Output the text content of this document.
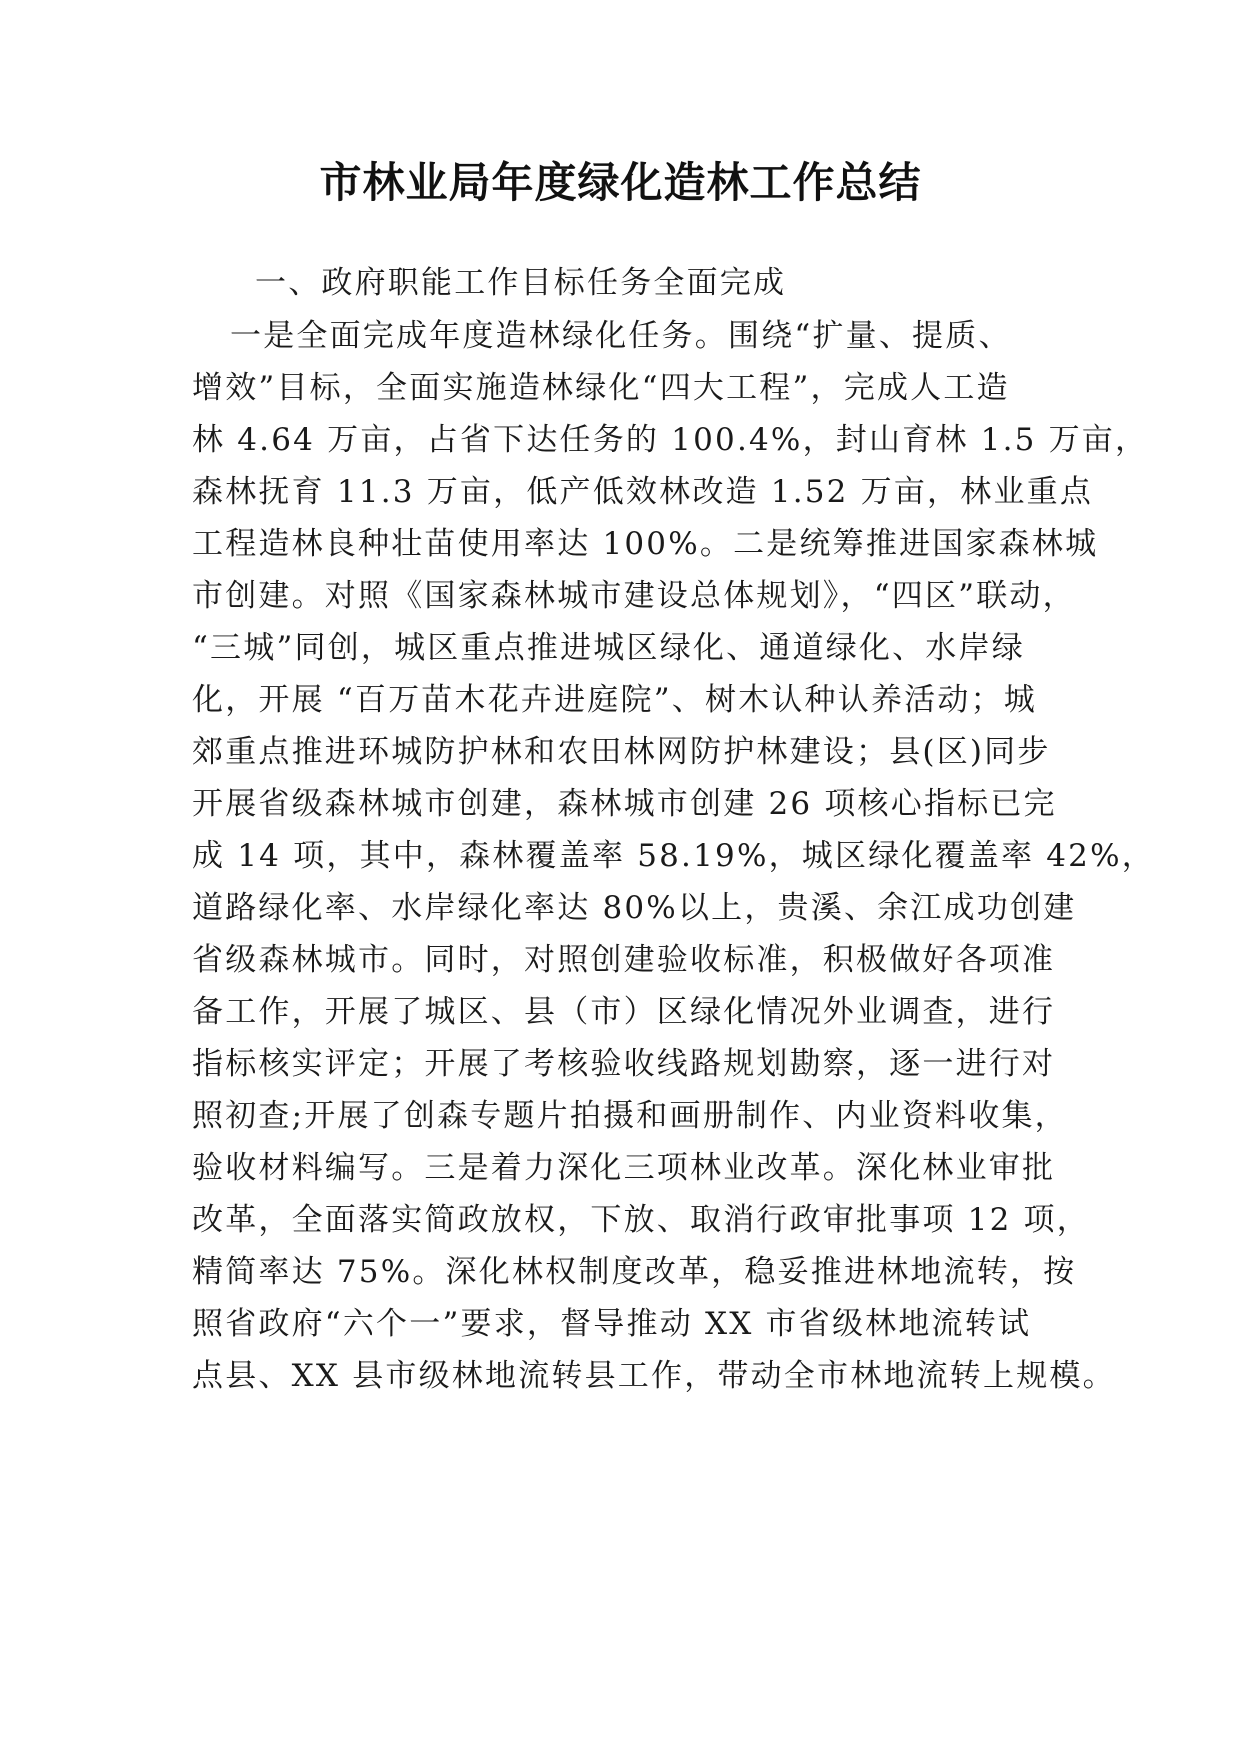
市林业局年度绿化造林工作总结
一、政府职能工作目标任务全面完成
一是全面完成年度造林绿化任务。围绕“扩量、提质、
增效”目标，全面实施造林绿化“四大工程”，完成人工造
林 4.64 万亩，占省下达任务的 100.4%，封山育林 1.5 万亩，
森林抚育 11.3 万亩，低产低效林改造 1.52 万亩，林业重点
工程造林良种壮苗使用率达 100%。二是统筹推进国家森林城
市创建。对照《国家森林城市建设总体规划》，“四区”联动，
“三城”同创，城区重点推进城区绿化、通道绿化、水岸绿
化，开展 “百万苗木花卉进庭院”、树木认种认养活动；城
郊重点推进环城防护林和农田林网防护林建设；县(区)同步
开展省级森林城市创建，森林城市创建 26 项核心指标已完
成 14 项，其中，森林覆盖率 58.19%，城区绿化覆盖率 42%，
道路绿化率、水岸绿化率达 80%以上，贵溪、余江成功创建
省级森林城市。同时，对照创建验收标准，积极做好各项准
备工作，开展了城区、县（市）区绿化情况外业调查，进行
指标核实评定；开展了考核验收线路规划勘察，逐一进行对
照初查;开展了创森专题片拍摄和画册制作、内业资料收集，
验收材料编写。三是着力深化三项林业改革。深化林业审批
改革，全面落实简政放权，下放、取消行政审批事项 12 项，
精简率达 75%。深化林权制度改革，稳妥推进林地流转，按
照省政府“六个一”要求，督导推动 XX 市省级林地流转试
点县、XX 县市级林地流转县工作，带动全市林地流转上规模。
